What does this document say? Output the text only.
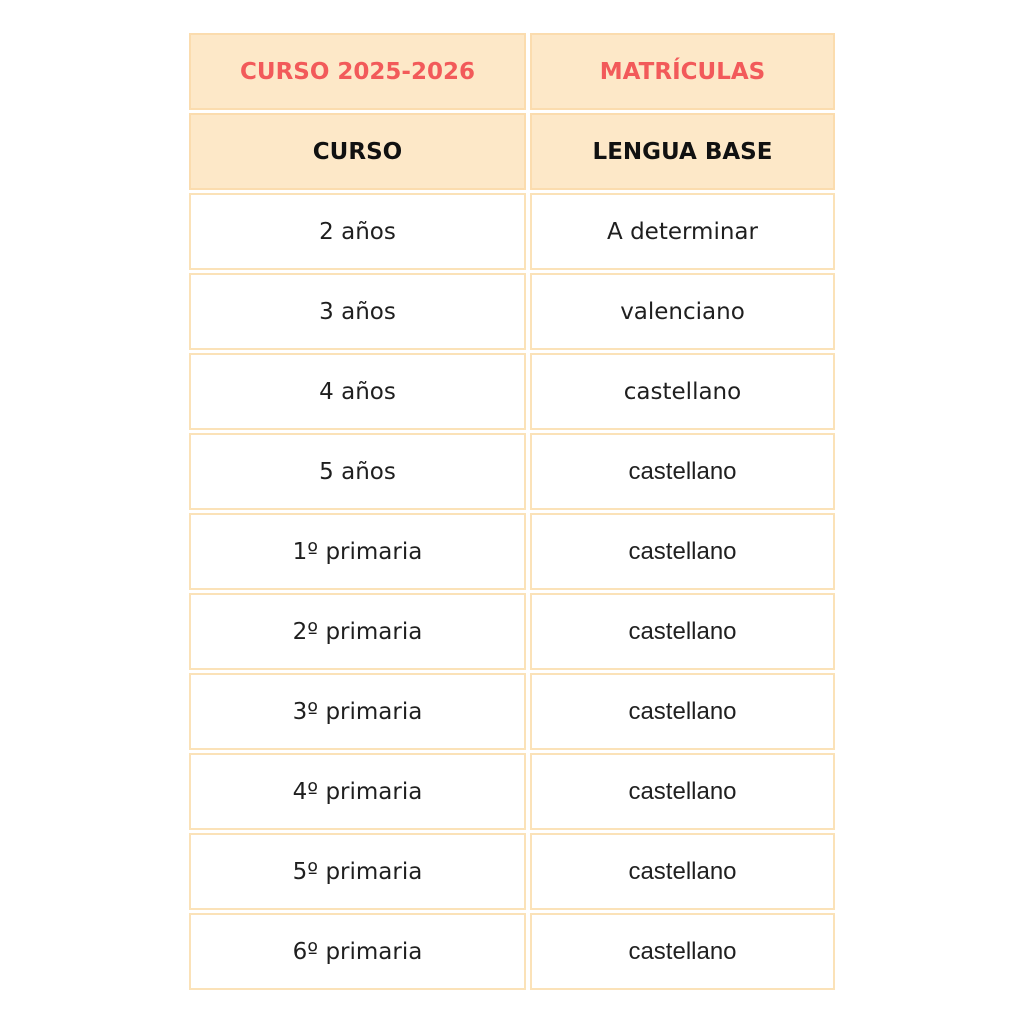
CURSO 2025-2026	MATRÍCULAS
CURSO	LENGUA BASE
2 años	A determinar
3 años	valenciano
4 años	castellano
5 años	castellano
1º primaria	castellano
2º primaria	castellano
3º primaria	castellano
4º primaria	castellano
5º primaria	castellano
6º primaria	castellano
